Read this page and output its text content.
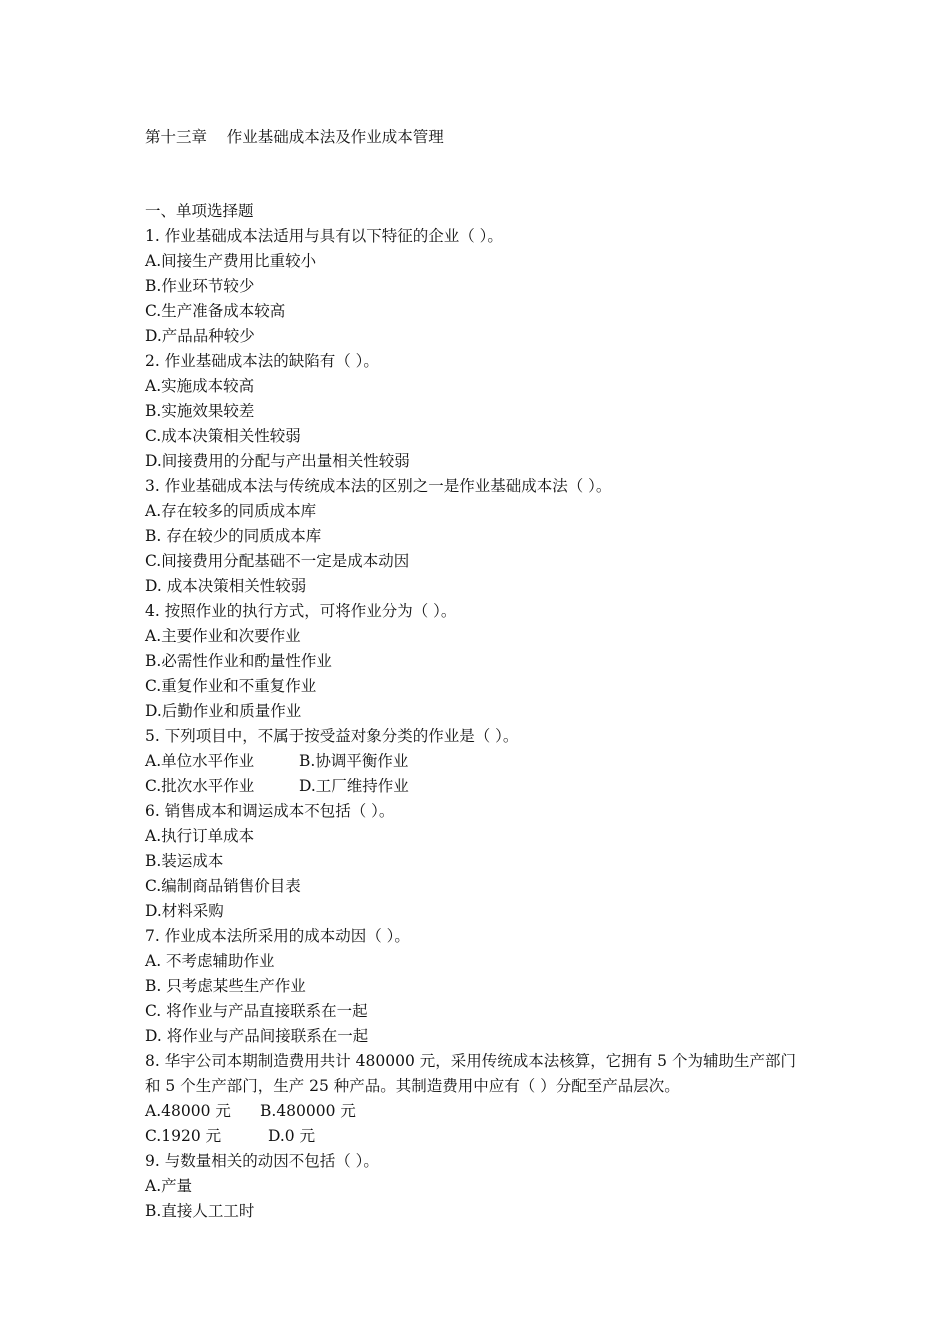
第十三章    作业基础成本法及作业成本管理
一、单项选择题
1. 作业基础成本法适用与具有以下特征的企业（ ）。
A.间接生产费用比重较小
B.作业环节较少
C.生产准备成本较高
D.产品品种较少
2. 作业基础成本法的缺陷有（ ）。
A.实施成本较高
B.实施效果较差
C.成本决策相关性较弱
D.间接费用的分配与产出量相关性较弱
3. 作业基础成本法与传统成本法的区别之一是作业基础成本法（ ）。
A.存在较多的同质成本库
B. 存在较少的同质成本库
C.间接费用分配基础不一定是成本动因
D. 成本决策相关性较弱
4. 按照作业的执行方式，可将作业分为（ ）。
A.主要作业和次要作业
B.必需性作业和酌量性作业
C.重复作业和不重复作业
D.后勤作业和质量作业
5. 下列项目中，不属于按受益对象分类的作业是（ ）。
A.单位水平作业	B.协调平衡作业
C.批次水平作业	D.工厂维持作业
6. 销售成本和调运成本不包括（ ）。
A.执行订单成本
B.装运成本
C.编制商品销售价目表
D.材料采购
7. 作业成本法所采用的成本动因（ ）。
A. 不考虑辅助作业
B. 只考虑某些生产作业
C. 将作业与产品直接联系在一起
D. 将作业与产品间接联系在一起
8. 华宇公司本期制造费用共计 480000 元，采用传统成本法核算，它拥有 5 个为辅助生产部门
和 5 个生产部门，生产 25 种产品。其制造费用中应有（ ）分配至产品层次。
A.48000 元	B.480000 元
C.1920 元	D.0 元
9. 与数量相关的动因不包括（ ）。
A.产量
B.直接人工工时
